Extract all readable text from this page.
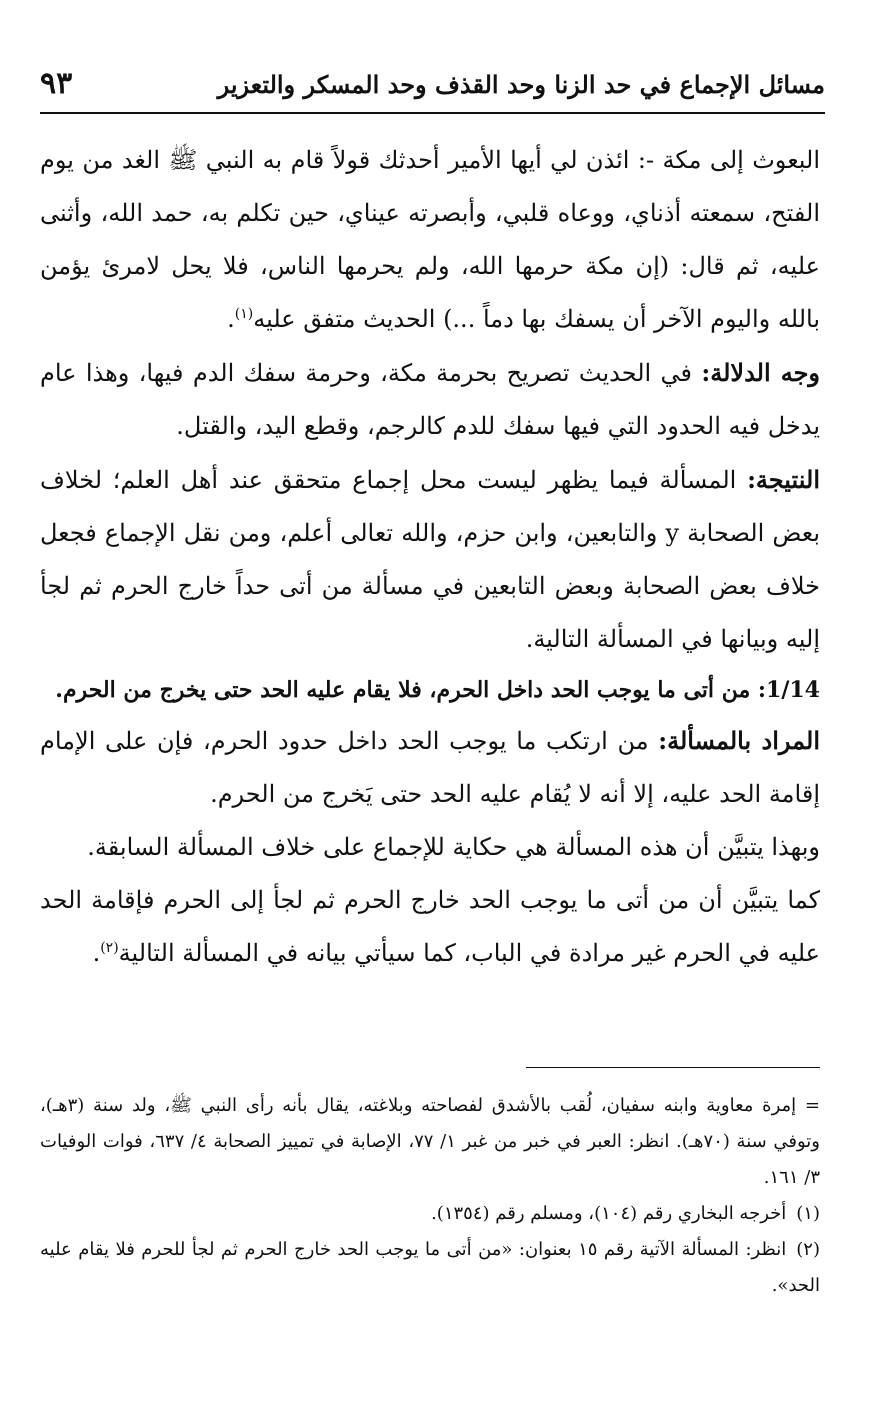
مسائل الإجماع في حد الزنا وحد القذف وحد المسكر والتعزير
٩٣

البعوث إلى مكة -: ائذن لي أيها الأمير أحدثك قولاً قام به النبي ﷺ الغد من يوم الفتح، سمعته أذناي، ووعاه قلبي، وأبصرته عيناي، حين تكلم به، حمد الله، وأثنى عليه، ثم قال: (إن مكة حرمها الله، ولم يحرمها الناس، فلا يحل لامرئ يؤمن بالله واليوم الآخر أن يسفك بها دماً ...) الحديث متفق عليه$^{(١)}$.

وجه الدلالة: في الحديث تصريح بحرمة مكة، وحرمة سفك الدم فيها، وهذا عام يدخل فيه الحدود التي فيها سفك للدم كالرجم، وقطع اليد، والقتل.

النتيجة: المسألة فيما يظهر ليست محل إجماع متحقق عند أهل العلم؛ لخلاف بعض الصحابة y والتابعين، وابن حزم، والله تعالى أعلم، ومن نقل الإجماع فجعل خلاف بعض الصحابة وبعض التابعين في مسألة من أتى حداً خارج الحرم ثم لجأ إليه وبيانها في المسألة التالية.

1/14: من أتى ما يوجب الحد داخل الحرم، فلا يقام عليه الحد حتى يخرج من الحرم.

المراد بالمسألة: من ارتكب ما يوجب الحد داخل حدود الحرم، فإن على الإمام إقامة الحد عليه، إلا أنه لا يُقام عليه الحد حتى يَخرج من الحرم.

وبهذا يتبيَّن أن هذه المسألة هي حكاية للإجماع على خلاف المسألة السابقة.

كما يتبيَّن أن من أتى ما يوجب الحد خارج الحرم ثم لجأ إلى الحرم فإقامة الحد عليه في الحرم غير مرادة في الباب، كما سيأتي بيانه في المسألة التالية$^{(٢)}$.

= إمرة معاوية وابنه سفيان، لُقب بالأشدق لفصاحته وبلاغته، يقال بأنه رأى النبي ﷺ، ولد سنة (٣هـ)، وتوفي سنة (٧٠هـ). انظر: العبر في خبر من غبر ١/ ٧٧، الإصابة في تمييز الصحابة ٤/ ٦٣٧، فوات الوفيات ٣/ ١٦١.

(١)أخرجه البخاري رقم (١٠٤)، ومسلم رقم (١٣٥٤).

(٢)انظر: المسألة الآتية رقم ١٥ بعنوان: «من أتى ما يوجب الحد خارج الحرم ثم لجأ للحرم فلا يقام عليه الحد».
